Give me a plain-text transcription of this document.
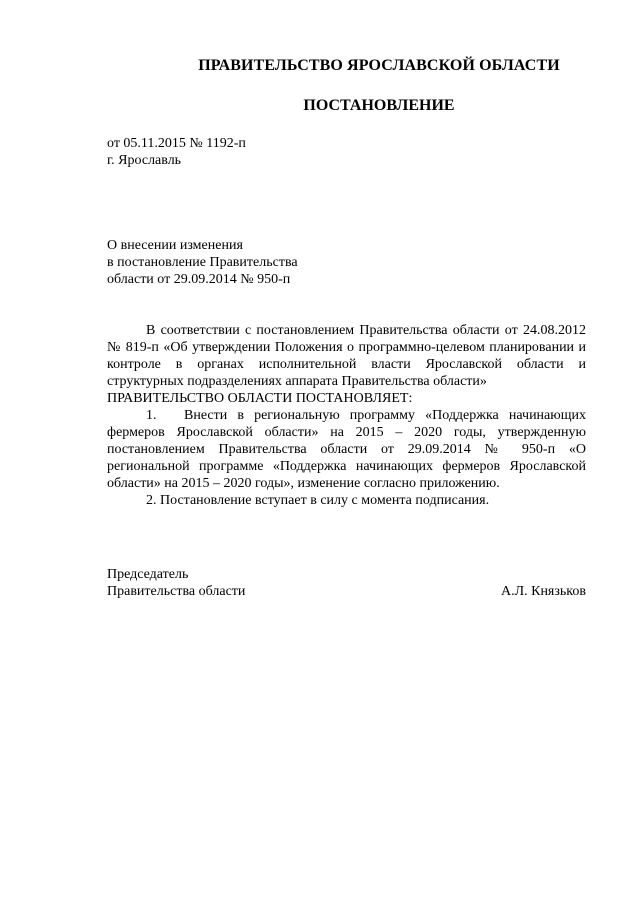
ПРАВИТЕЛЬСТВО ЯРОСЛАВСКОЙ ОБЛАСТИ
ПОСТАНОВЛЕНИЕ
от 05.11.2015 № 1192-п
г. Ярославль
О внесении изменения
в постановление Правительства
области от 29.09.2014 № 950-п
В соответствии с постановлением Правительства области от 24.08.2012 № 819-п «Об утверждении Положения о программно-целевом планировании и контроле в органах исполнительной власти Ярославской области и структурных подразделениях аппарата Правительства области»
ПРАВИТЕЛЬСТВО ОБЛАСТИ ПОСТАНОВЛЯЕТ:
1. Внести в региональную программу «Поддержка начинающих фермеров Ярославской области» на 2015 – 2020 годы, утвержденную постановлением Правительства области от 29.09.2014 № 950-п «О региональной программе «Поддержка начинающих фермеров Ярославской области» на 2015 – 2020 годы», изменение согласно приложению.
2. Постановление вступает в силу с момента подписания.
Председатель
Правительства области	А.Л. Князьков
